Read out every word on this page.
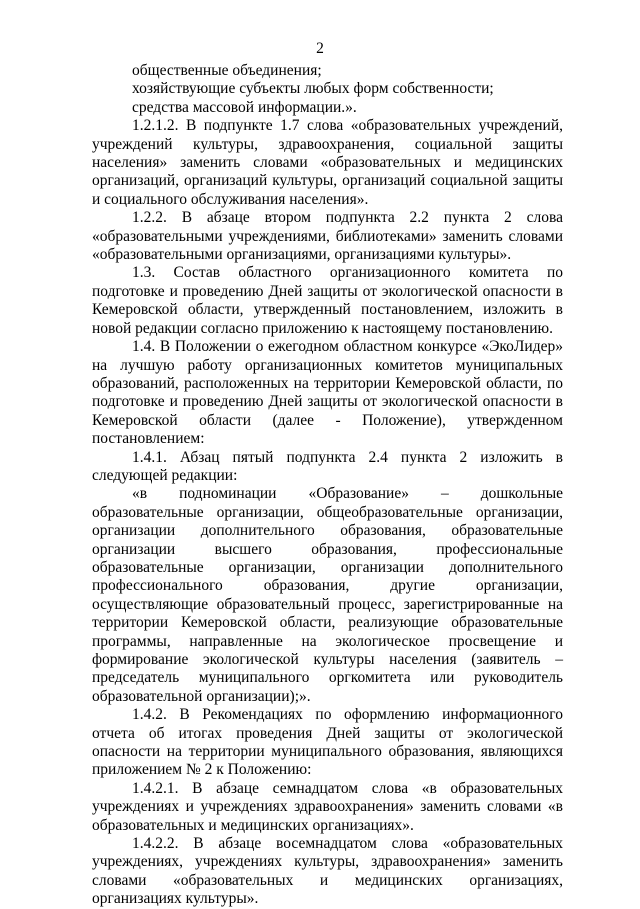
2

общественные объединения;

хозяйствующие субъекты любых форм собственности;

средства массовой информации.».

1.2.1.2. В подпункте 1.7 слова «образовательных учреждений, учреждений культуры, здравоохранения, социальной защиты населения» заменить словами «образовательных и медицинских организаций, организаций культуры, организаций социальной защиты и социального обслуживания населения».

1.2.2. В абзаце втором подпункта 2.2 пункта 2 слова «образовательными учреждениями, библиотеками» заменить словами «образовательными организациями, организациями культуры».

1.3. Состав областного организационного комитета по подготовке и проведению Дней защиты от экологической опасности в Кемеровской области, утвержденный постановлением, изложить в новой редакции согласно приложению к настоящему постановлению.

1.4. В Положении о ежегодном областном конкурсе «ЭкоЛидер» на лучшую работу организационных комитетов муниципальных образований, расположенных на территории Кемеровской области, по подготовке и проведению Дней защиты от экологической опасности в Кемеровской области (далее - Положение), утвержденном постановлением:

1.4.1. Абзац пятый подпункта 2.4 пункта 2 изложить в следующей редакции:

«в подноминации «Образование» – дошкольные образовательные организации, общеобразовательные организации, организации дополнительного образования, образовательные организации высшего образования, профессиональные образовательные организации, организации дополнительного профессионального образования, другие организации, осуществляющие образовательный процесс, зарегистрированные на территории Кемеровской области, реализующие образовательные программы, направленные на экологическое просвещение и формирование экологической культуры населения (заявитель – председатель муниципального оргкомитета или руководитель образовательной организации);».

1.4.2. В Рекомендациях по оформлению информационного отчета об итогах проведения Дней защиты от экологической опасности на территории муниципального образования, являющихся приложением № 2 к Положению:

1.4.2.1. В абзаце семнадцатом слова «в образовательных учреждениях и учреждениях здравоохранения» заменить словами «в образовательных и медицинских организациях».

1.4.2.2. В абзаце восемнадцатом слова «образовательных учреждениях, учреждениях культуры, здравоохранения» заменить словами «образовательных и медицинских организациях, организациях культуры».
